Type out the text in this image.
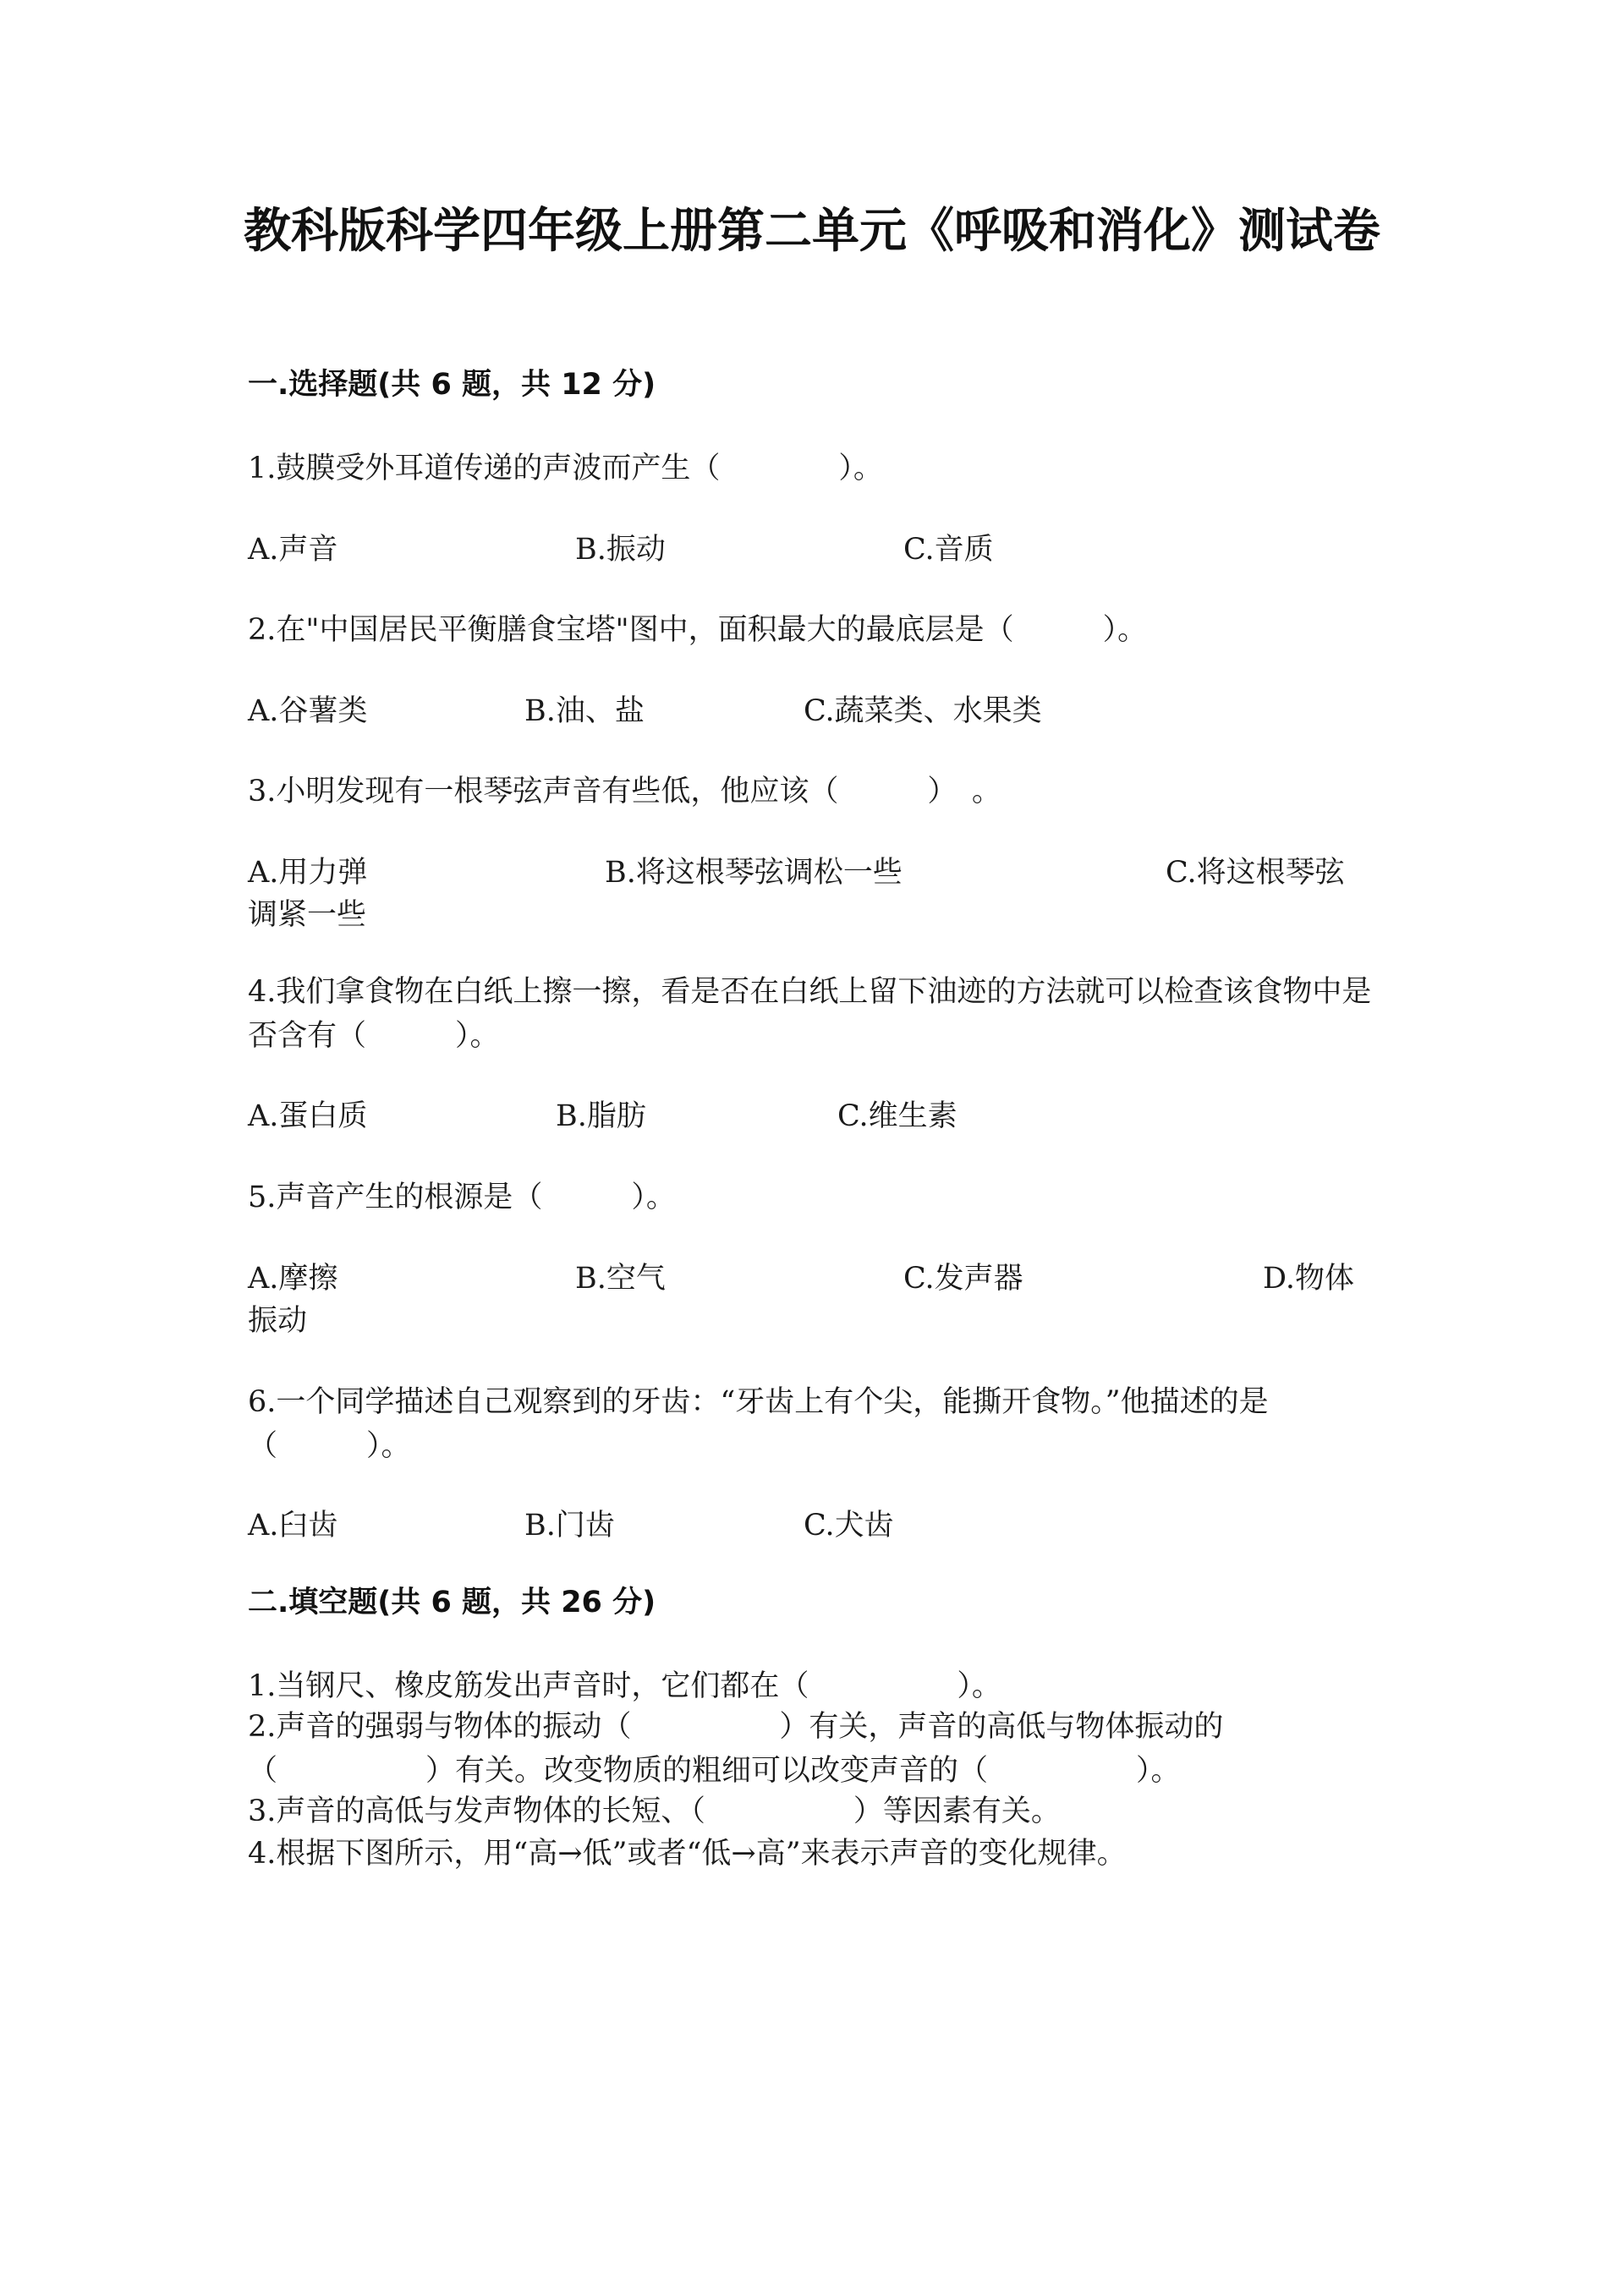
教科版科学四年级上册第二单元《呼吸和消化》测试卷
一.选择题(共 6 题，共 12 分)
1.鼓膜受外耳道传递的声波而产生（　　　　）。
A.声音	B.振动	C.音质
2.在"中国居民平衡膳食宝塔"图中，面积最大的最底层是（　　　）。
A.谷薯类	B.油、盐	C.蔬菜类、水果类
3.小明发现有一根琴弦声音有些低，他应该（　　　）　。
A.用力弹	B.将这根琴弦调松一些	C.将这根琴弦
调紧一些
4.我们拿食物在白纸上擦一擦，看是否在白纸上留下油迹的方法就可以检查该食物中是否含有（　　　）。
A.蛋白质	B.脂肪	C.维生素
5.声音产生的根源是（　　　）。
A.摩擦	B.空气	C.发声器	D.物体
振动
6.一个同学描述自己观察到的牙齿：“牙齿上有个尖，能撕开食物。”他描述的是（　　　）。
A.臼齿	B.门齿	C.犬齿
二.填空题(共 6 题，共 26 分)
1.当钢尺、橡皮筋发出声音时，它们都在（　　　　　）。
2.声音的强弱与物体的振动（　　　　　）有关，声音的高低与物体振动的（　　　　　）有关。改变物质的粗细可以改变声音的（　　　　　）。
3.声音的高低与发声物体的长短、（　　　　　）等因素有关。
4.根据下图所示，用“高→低”或者“低→高”来表示声音的变化规律。
